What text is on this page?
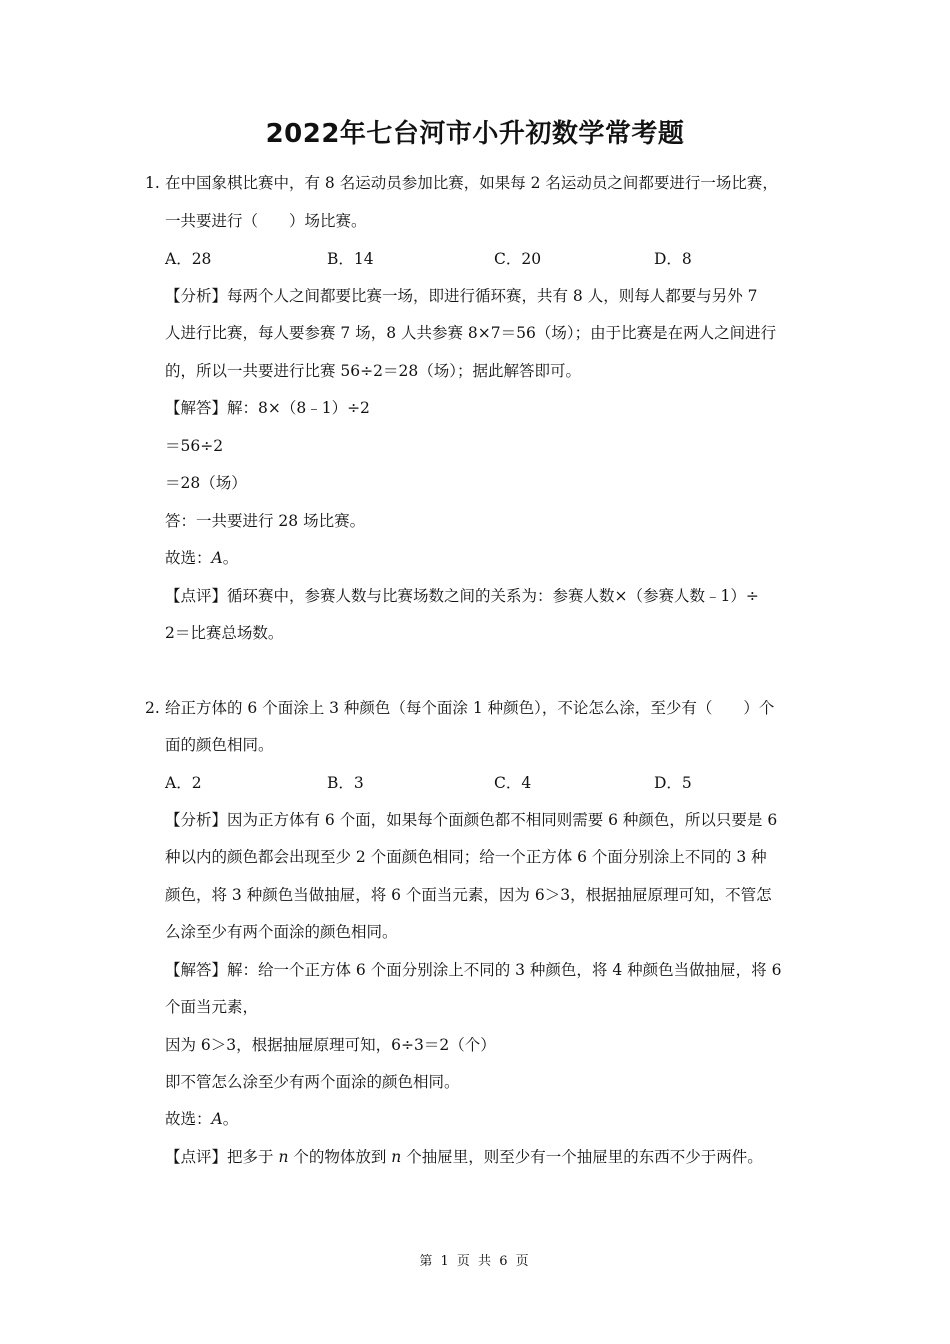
2022年七台河市小升初数学常考题
1. 在中国象棋比赛中，有 8 名运动员参加比赛，如果每 2 名运动员之间都要进行一场比赛，
一共要进行（　　）场比赛。
A．28	B．14	C．20	D．8
【分析】每两个人之间都要比赛一场，即进行循环赛，共有 8 人，则每人都要与另外 7
人进行比赛，每人要参赛 7 场，8 人共参赛 8×7＝56（场）；由于比赛是在两人之间进行
的，所以一共要进行比赛 56÷2＝28（场）；据此解答即可。
【解答】解：8×（8﹣1）÷2
＝56÷2
＝28（场）
答：一共要进行 28 场比赛。
故选：A。
【点评】循环赛中，参赛人数与比赛场数之间的关系为：参赛人数×（参赛人数﹣1）÷
2＝比赛总场数。
2. 给正方体的 6 个面涂上 3 种颜色（每个面涂 1 种颜色），不论怎么涂，至少有（　　）个
面的颜色相同。
A．2	B．3	C．4	D．5
【分析】因为正方体有 6 个面，如果每个面颜色都不相同则需要 6 种颜色，所以只要是 6
种以内的颜色都会出现至少 2 个面颜色相同；给一个正方体 6 个面分别涂上不同的 3 种
颜色，将 3 种颜色当做抽屉，将 6 个面当元素，因为 6＞3，根据抽屉原理可知，不管怎
么涂至少有两个面涂的颜色相同。
【解答】解：给一个正方体 6 个面分别涂上不同的 3 种颜色，将 4 种颜色当做抽屉，将 6
个面当元素，
因为 6＞3，根据抽屉原理可知，6÷3＝2（个）
即不管怎么涂至少有两个面涂的颜色相同。
故选：A。
【点评】把多于 n 个的物体放到 n 个抽屉里，则至少有一个抽屉里的东西不少于两件。
第 1 页 共 6 页
